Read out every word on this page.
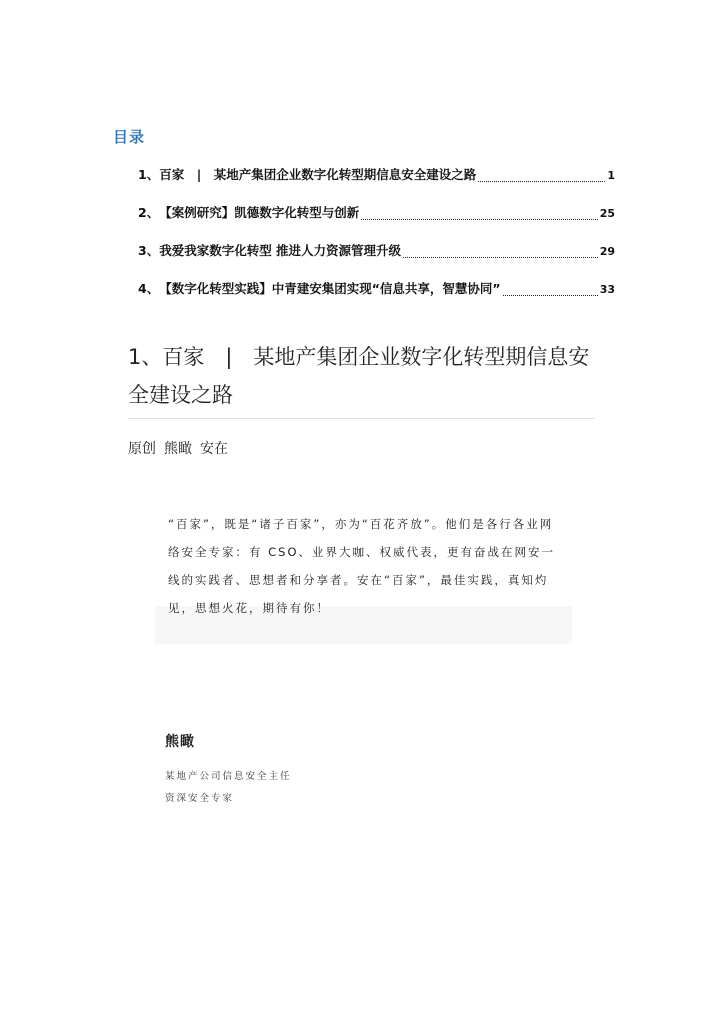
目录
1、百家　|　 某地产集团企业数字化转型期信息安全建设之路	1
2、 【案例研究】凯德数字化转型与创新	25
3、 我爱我家数字化转型 推进人力资源管理升级	29
4、 【数字化转型实践】中青建安集团实现“信息共享，智慧协同”	33
1、百家　|　某地产集团企业数字化转型期信息安全建设之路
原创 熊瞰 安在
“百家”，既是“诸子百家”，亦为“百花齐放”。他们是各行各业网络安全专家：有 CSO、业界大咖、权威代表，更有奋战在网安一线的实践者、思想者和分享者。安在“百家”，最佳实践，真知灼见，思想火花，期待有你！
熊瞰
某地产公司信息安全主任
资深安全专家
